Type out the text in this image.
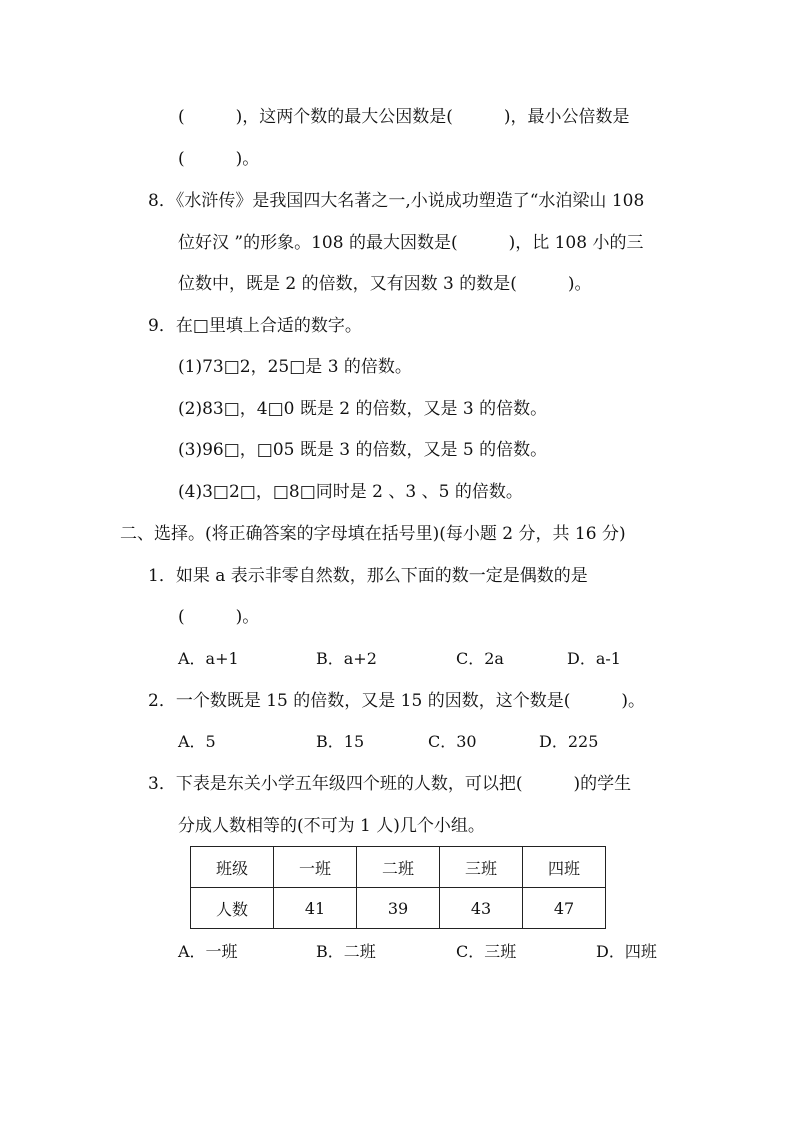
(　　　)，这两个数的最大公因数是(　　　)，最小公倍数是
(　　　)。
8．《水浒传》是我国四大名著之一,小说成功塑造了“水泊梁山 108
位好汉 ”的形象。108 的最大因数是(　　　)，比 108 小的三
位数中，既是 2 的倍数，又有因数 3 的数是(　　　)。
9．在□里填上合适的数字。
(1)73□2，25□是 3 的倍数。
(2)83□，4□0 既是 2 的倍数，又是 3 的倍数。
(3)96□，□05 既是 3 的倍数，又是 5 的倍数。
(4)3□2□，□8□同时是 2 、3 、5 的倍数。
二、选择。(将正确答案的字母填在括号里)(每小题 2 分，共 16 分)
1．如果 a 表示非零自然数，那么下面的数一定是偶数的是
(　　　)。
A．a+1	B．a+2	C．2a	D．a-1
2．一个数既是 15 的倍数，又是 15 的因数，这个数是(　　　)。
A．5	B．15	C．30	D．225
3．下表是东关小学五年级四个班的人数，可以把(　　　)的学生
分成人数相等的(不可为 1 人)几个小组。
班级	一班	二班	三班	四班
人数	41	39	43	47
A．一班	B．二班	C．三班	D．四班
